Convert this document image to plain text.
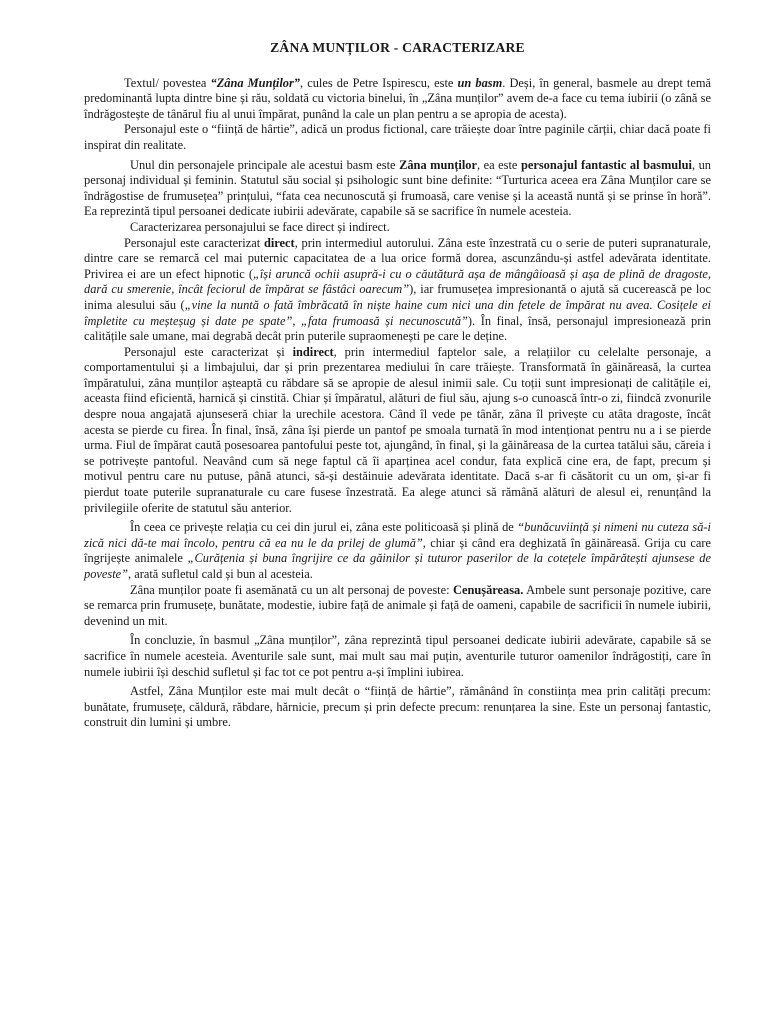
ZÂNA MUNȚILOR - CARACTERIZARE

Textul/ povestea “Zâna Munților”, cules de Petre Ispirescu, este un basm. Deși, în general, basmele au drept temă predominantă lupta dintre bine și rău, soldată cu victoria binelui, în „Zâna munților” avem de-a face cu tema iubirii (o zână se îndrăgostește de tânărul fiu al unui împărat, punând la cale un plan pentru a se apropia de acesta).

Personajul este o “ființă de hârtie”, adică un produs fictional, care trăiește doar între paginile cărții, chiar dacă poate fi inspirat din realitate.

Unul din personajele principale ale acestui basm este Zâna munților, ea este personajul fantastic al basmului, un personaj individual și feminin. Statutul său social și psihologic sunt bine definite: “Turturica aceea era Zâna Munților care se îndrăgostise de frumusețea” prințului, “fata cea necunoscută și frumoasă, care venise și la această nuntă și se prinse în horă”. Ea reprezintă tipul persoanei dedicate iubirii adevărate, capabile să se sacrifice în numele acesteia.

Caracterizarea personajului se face direct și indirect.

Personajul este caracterizat direct, prin intermediul autorului. Zâna este înzestrată cu o serie de puteri supranaturale, dintre care se remarcă cel mai puternic capacitatea de a lua orice formă dorea, ascunzându-și astfel adevărata identitate. Privirea ei are un efect hipnotic („își aruncă ochii asupră-i cu o căutătură așa de mângâioasă și așa de plină de dragoste, dară cu smerenie, încât feciorul de împărat se fâstâci oarecum”), iar frumusețea impresionantă o ajută să cucerească pe loc inima alesului său („vine la nuntă o fată îmbrăcată în niște haine cum nici una din fetele de împărat nu avea. Cosițele ei împletite cu meșteșug și date pe spate”, „fata frumoasă și necunoscută”). În final, însă, personajul impresionează prin calitățile sale umane, mai degrabă decât prin puterile supraomenești pe care le deține.

Personajul este caracterizat și indirect, prin intermediul faptelor sale, a relațiilor cu celelalte personaje, a comportamentului și a limbajului, dar și prin prezentarea mediului în care trăiește. Transformată în găinăreasă, la curtea împăratului, zâna munților așteaptă cu răbdare să se apropie de alesul inimii sale. Cu toții sunt impresionați de calitățile ei, aceasta fiind eficientă, harnică și cinstită. Chiar și împăratul, alături de fiul său, ajung s-o cunoască într-o zi, fiindcă zvonurile despre noua angajată ajunseseră chiar la urechile acestora. Când îl vede pe tânăr, zâna îl privește cu atâta dragoste, încât acesta se pierde cu firea. În final, însă, zâna își pierde un pantof pe smoala turnată în mod intenționat pentru nu a i se pierde urma. Fiul de împărat caută posesoarea pantofului peste tot, ajungând, în final, și la găinăreasa de la curtea tatălui său, căreia i se potrivește pantoful. Neavând cum să nege faptul că îi aparținea acel condur, fata explică cine era, de fapt, precum și motivul pentru care nu putuse, până atunci, să-și destăinuie adevărata identitate. Dacă s-ar fi căsătorit cu un om, și-ar fi pierdut toate puterile supranaturale cu care fusese înzestrată. Ea alege atunci să rămână alături de alesul ei, renunțând la privilegiile oferite de statutul său anterior.

În ceea ce privește relația cu cei din jurul ei, zâna este politicoasă și plină de “bunăcuviință și nimeni nu cuteza să-i zică nici dă-te mai încolo, pentru că ea nu le da prilej de glumă”, chiar și când era deghizată în găinăreasă. Grija cu care îngrijește animalele „Curățenia și buna îngrijire ce da găinilor și tuturor paserilor de la cotețele împărătești ajunsese de poveste”, arată sufletul cald și bun al acesteia.

Zâna munților poate fi asemănată cu un alt personaj de poveste: Cenușăreasa. Ambele sunt personaje pozitive, care se remarca prin frumusețe, bunătate, modestie, iubire față de animale și față de oameni, capabile de sacrificii în numele iubirii, devenind un mit.

În concluzie, în basmul „Zâna munților”, zâna reprezintă tipul persoanei dedicate iubirii adevărate, capabile să se sacrifice în numele acesteia. Aventurile sale sunt, mai mult sau mai puțin, aventurile tuturor oamenilor îndrăgostiți, care în numele iubirii își deschid sufletul și fac tot ce pot pentru a-și împlini iubirea.

Astfel, Zâna Munților este mai mult decât o “ființă de hârtie”, rămânând în constiința mea prin calități precum: bunătate, frumusețe, căldură, răbdare, hărnicie, precum și prin defecte precum: renunțarea la sine. Este un personaj fantastic, construit din lumini și umbre.
